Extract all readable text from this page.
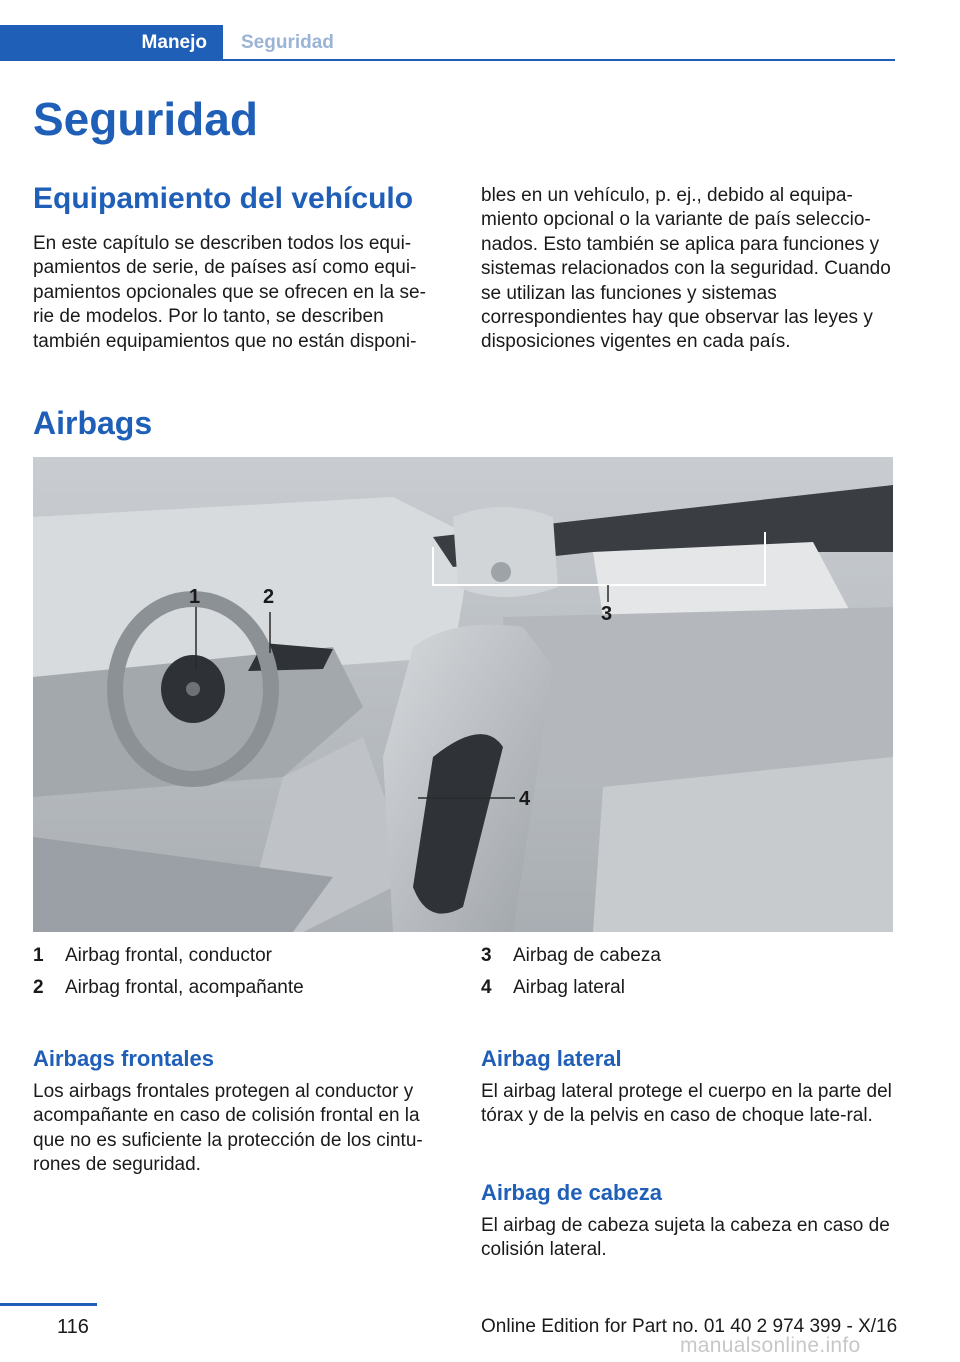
Manejo Seguridad
Seguridad
Equipamiento del vehículo

En este capítulo se describen todos los equi‐pamientos de serie, de países así como equi‐pamientos opcionales que se ofrecen en la se‐rie de modelos. Por lo tanto, se describen también equipamientos que no están disponi‐

bles en un vehículo, p. ej., debido al equipa‐miento opcional o la variante de país seleccio‐nados. Esto también se aplica para funciones y sistemas relacionados con la seguridad. Cuando se utilizan las funciones y sistemas correspondientes hay que observar las leyes y disposiciones vigentes en cada país.

Airbags
1	2
3
4
1	Airbag frontal, conductor
2	Airbag frontal, acompañante
3	Airbag de cabeza
4	Airbag lateral
Airbags frontales

Los airbags frontales protegen al conductor y acompañante en caso de colisión frontal en la que no es suficiente la protección de los cintu‐rones de seguridad.

Airbag lateral

El airbag lateral protege el cuerpo en la parte del tórax y de la pelvis en caso de choque late‐ral.

Airbag de cabeza

El airbag de cabeza sujeta la cabeza en caso de colisión lateral.

116	Online Edition for Part no. 01 40 2 974 399 - X/16
manualsonline.info
